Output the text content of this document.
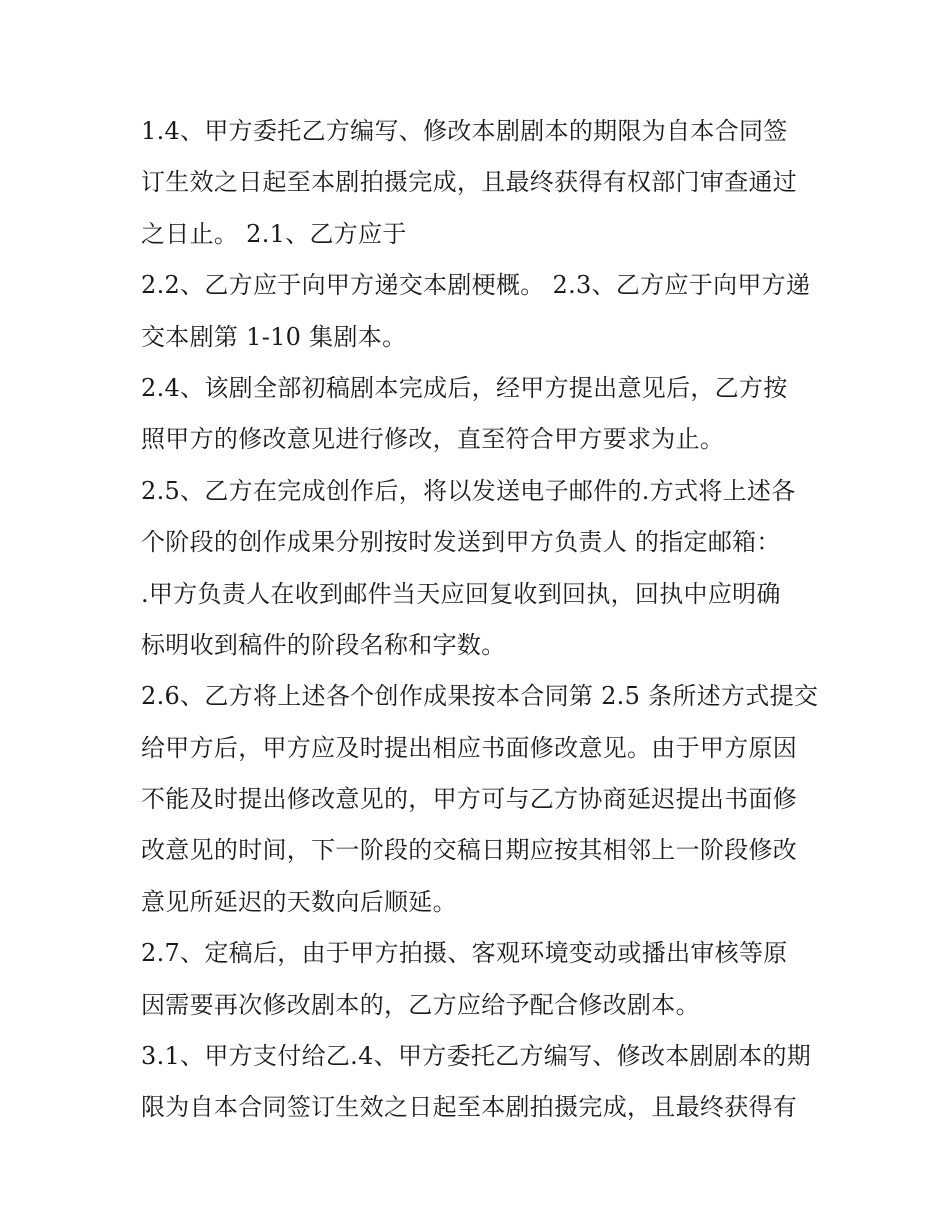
1.4、甲方委托乙方编写、修改本剧剧本的期限为自本合同签
订生效之日起至本剧拍摄完成，且最终获得有权部门审查通过
之日止。 2.1、乙方应于
2.2、乙方应于向甲方递交本剧梗概。 2.3、乙方应于向甲方递
交本剧第 1-10 集剧本。
2.4、该剧全部初稿剧本完成后，经甲方提出意见后，乙方按
照甲方的修改意见进行修改，直至符合甲方要求为止。
2.5、乙方在完成创作后，将以发送电子邮件的.方式将上述各
个阶段的创作成果分别按时发送到甲方负责人 的指定邮箱：
.甲方负责人在收到邮件当天应回复收到回执，回执中应明确
标明收到稿件的阶段名称和字数。
2.6、乙方将上述各个创作成果按本合同第 2.5 条所述方式提交
给甲方后，甲方应及时提出相应书面修改意见。由于甲方原因
不能及时提出修改意见的，甲方可与乙方协商延迟提出书面修
改意见的时间，下一阶段的交稿日期应按其相邻上一阶段修改
意见所延迟的天数向后顺延。
2.7、定稿后，由于甲方拍摄、客观环境变动或播出审核等原
因需要再次修改剧本的，乙方应给予配合修改剧本。
3.1、甲方支付给乙.4、甲方委托乙方编写、修改本剧剧本的期
限为自本合同签订生效之日起至本剧拍摄完成，且最终获得有
